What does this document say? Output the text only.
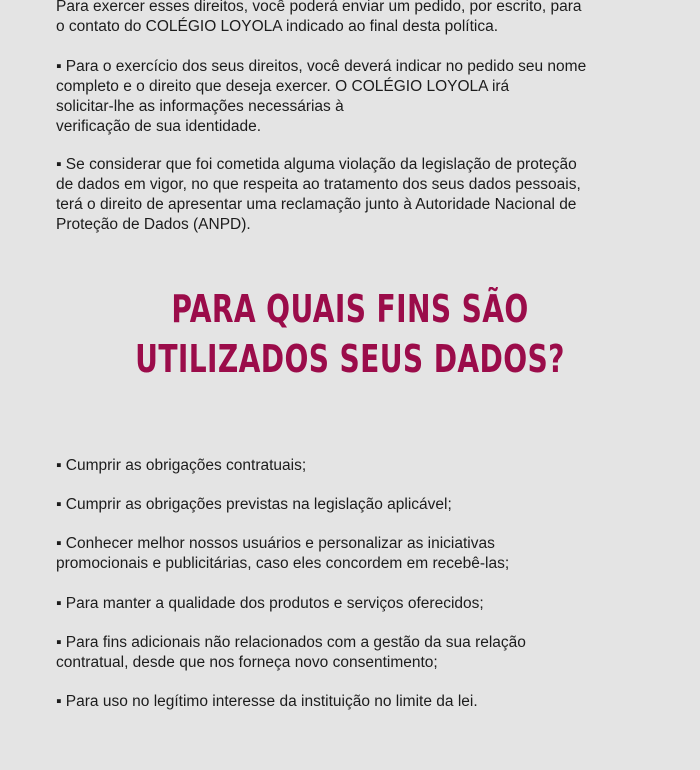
Para exercer esses direitos, você poderá enviar um pedido, por escrito, para
o contato do COLÉGIO LOYOLA indicado ao final desta política.

▪ Para o exercício dos seus direitos, você deverá indicar no pedido seu nome
completo e o direito que deseja exercer. O COLÉGIO LOYOLA irá
solicitar-lhe as informações necessárias à
verificação de sua identidade.

▪ Se considerar que foi cometida alguma violação da legislação de proteção
de dados em vigor, no que respeita ao tratamento dos seus dados pessoais,
terá o direito de apresentar uma reclamação junto à Autoridade Nacional de
Proteção de Dados (ANPD).

PARA QUAIS FINS SÃO
UTILIZADOS SEUS DADOS?

▪ Cumprir as obrigações contratuais;

▪ Cumprir as obrigações previstas na legislação aplicável;

▪ Conhecer melhor nossos usuários e personalizar as iniciativas
promocionais e publicitárias, caso eles concordem em recebê-las;

▪ Para manter a qualidade dos produtos e serviços oferecidos;

▪ Para fins adicionais não relacionados com a gestão da sua relação
contratual, desde que nos forneça novo consentimento;

▪ Para uso no legítimo interesse da instituição no limite da lei.
